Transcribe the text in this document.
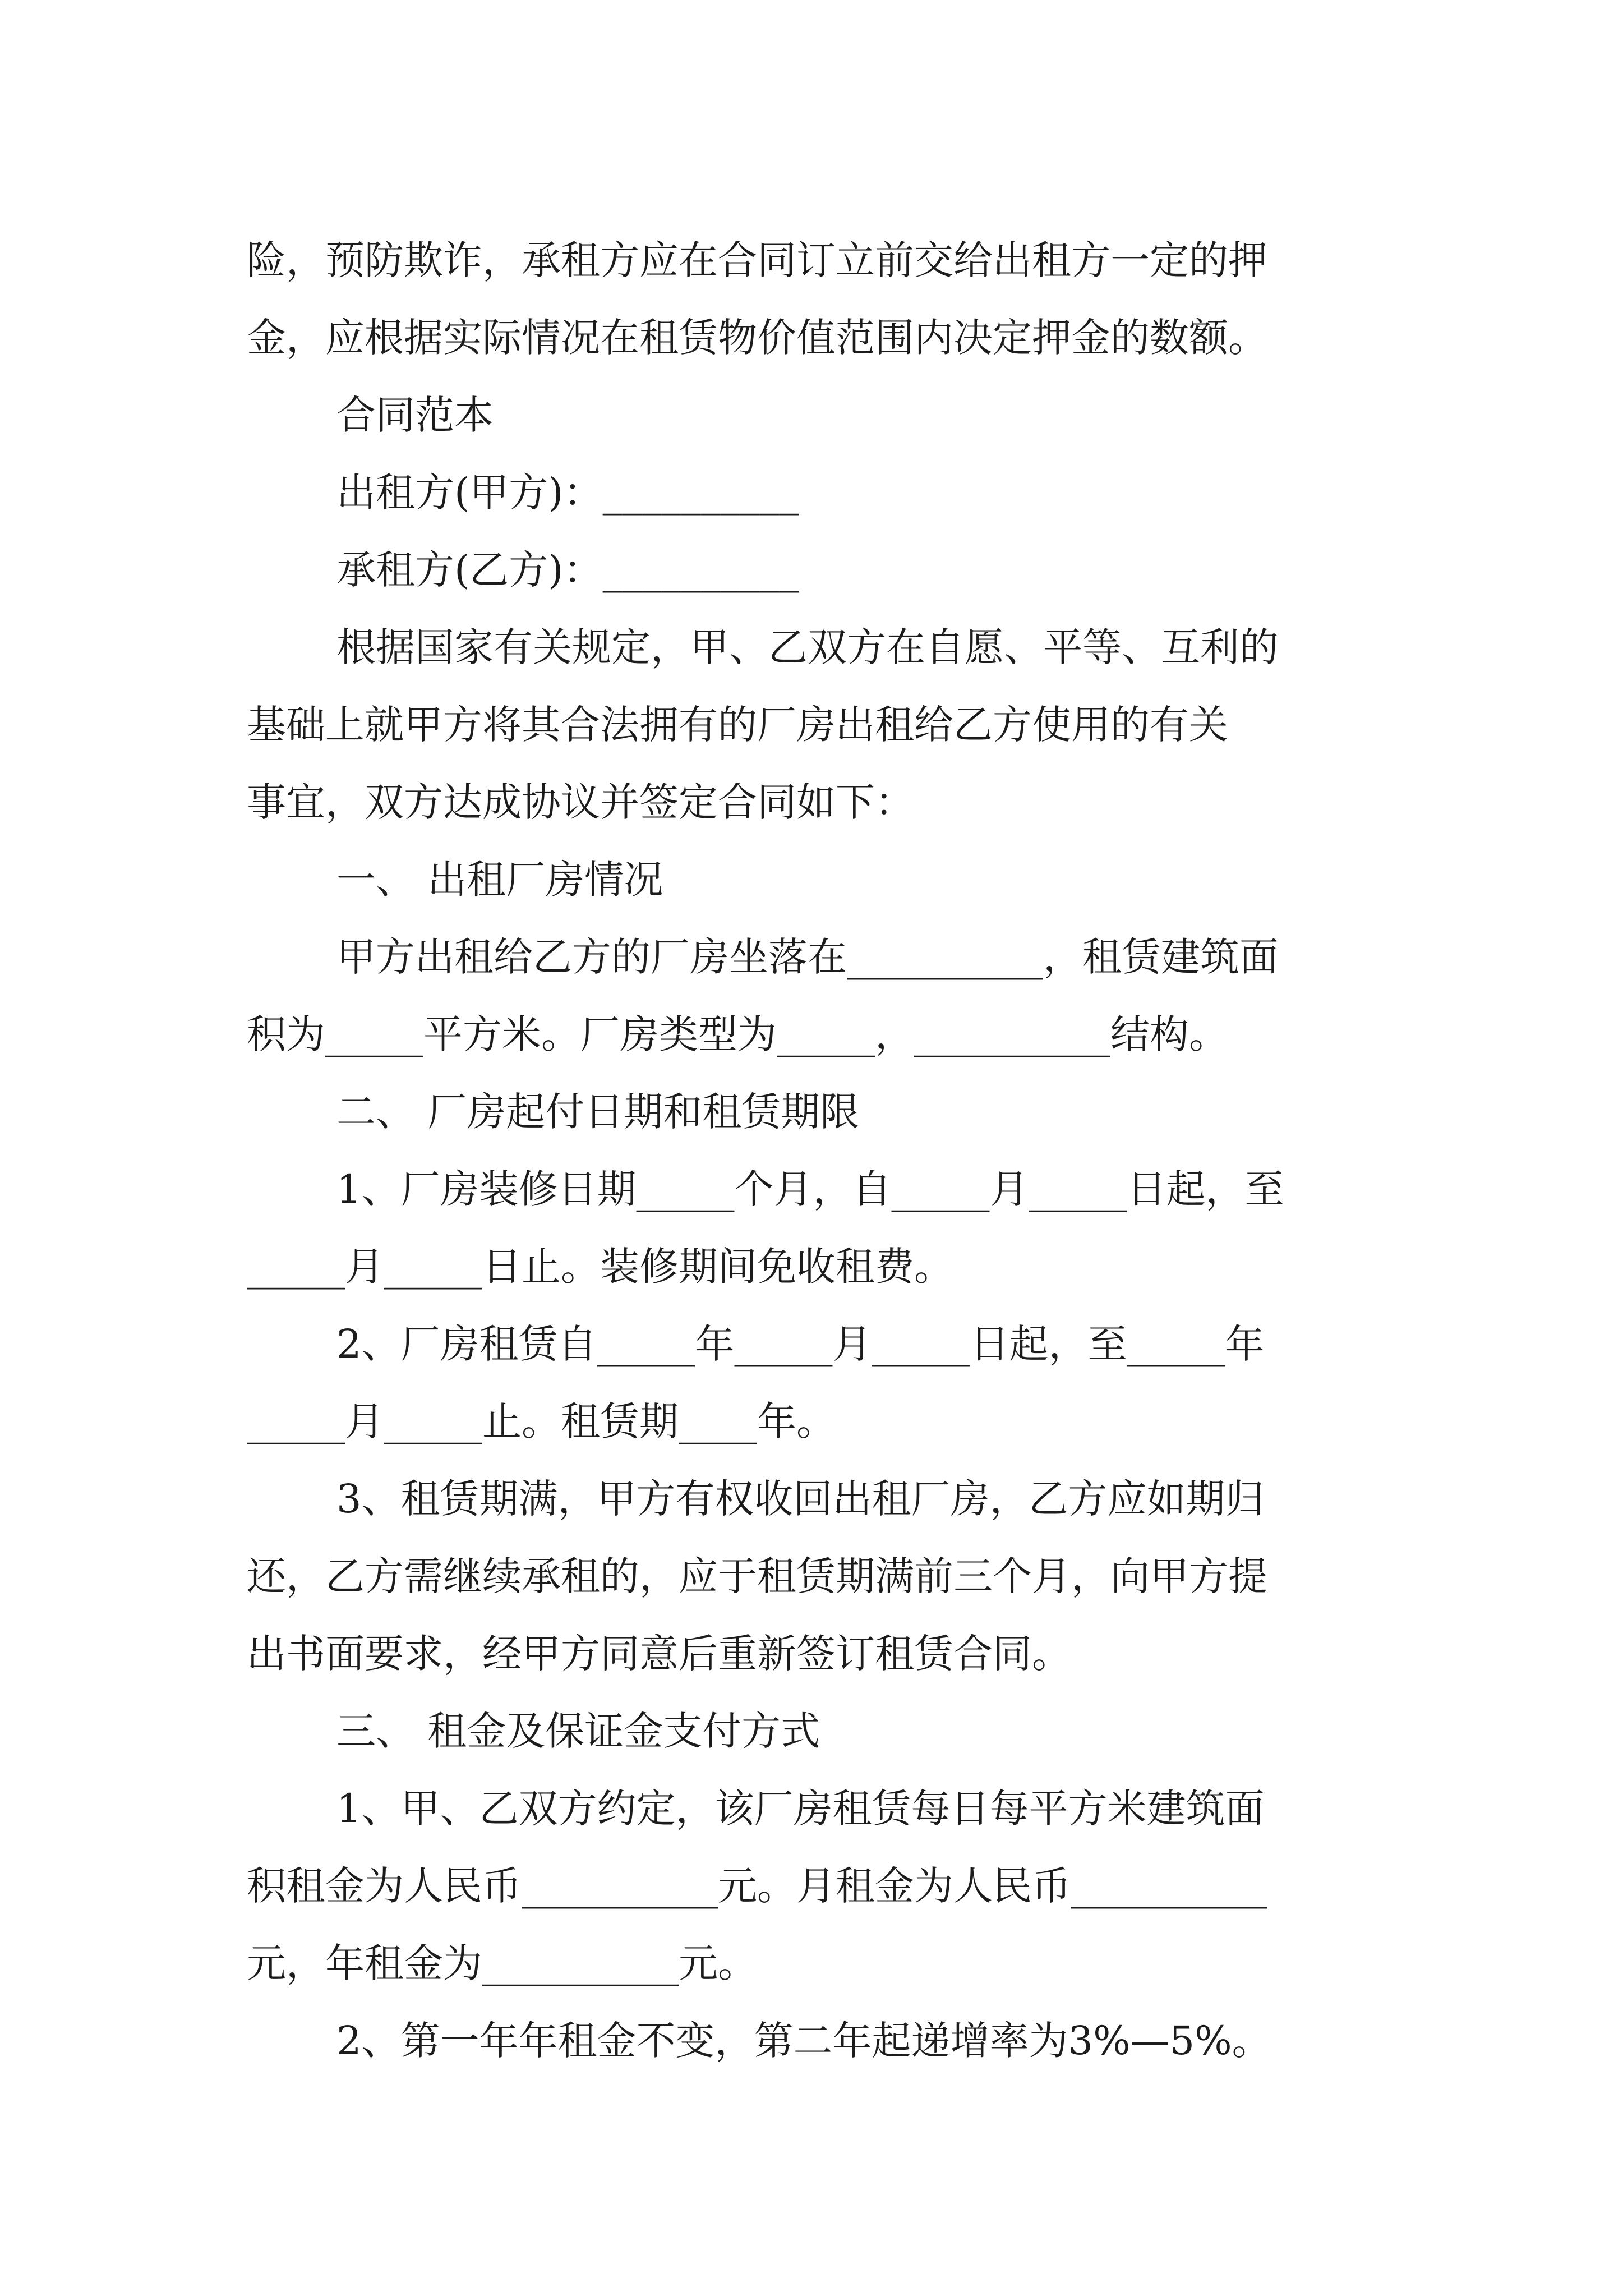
险，预防欺诈，承租方应在合同订立前交给出租方一定的押
金，应根据实际情况在租赁物价值范围内决定押金的数额。
合同范本
出租方(甲方)：__________
承租方(乙方)：__________
根据国家有关规定，甲、乙双方在自愿、平等、互利的
基础上就甲方将其合法拥有的厂房出租给乙方使用的有关
事宜，双方达成协议并签定合同如下：
一、 出租厂房情况
甲方出租给乙方的厂房坐落在__________，租赁建筑面
积为_____平方米。厂房类型为_____，__________结构。
二、 厂房起付日期和租赁期限
1、厂房装修日期_____个月，自_____月_____日起，至
_____月_____日止。装修期间免收租费。
2、厂房租赁自_____年_____月_____日起，至_____年
_____月_____止。租赁期____年。
3、租赁期满，甲方有权收回出租厂房，乙方应如期归
还，乙方需继续承租的，应于租赁期满前三个月，向甲方提
出书面要求，经甲方同意后重新签订租赁合同。
三、 租金及保证金支付方式
1、甲、乙双方约定，该厂房租赁每日每平方米建筑面
积租金为人民币__________元。月租金为人民币__________
元，年租金为__________元。
2、第一年年租金不变，第二年起递增率为3%—5%。
